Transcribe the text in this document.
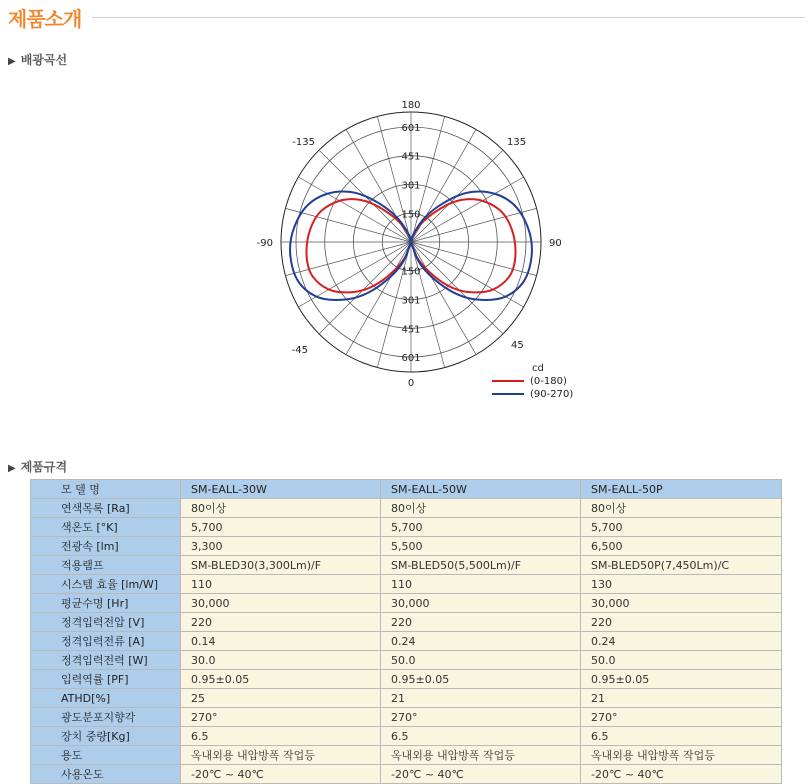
제품소개
▶ 배광곡선
180
0
-90	90
-135	135
-45	45
150
150
301
301
451
451
601
601
cd
(0-180)
(90-270)
▶ 제품규격
모 델 명	SM-EALL-30W	SM-EALL-50W	SM-EALL-50P
연색목록 [Ra]	80이상	80이상	80이상
색온도 [°K]	5,700	5,700	5,700
전광속 [lm]	3,300	5,500	6,500
적용램프	SM-BLED30(3,300Lm)/F	SM-BLED50(5,500Lm)/F	SM-BLED50P(7,450Lm)/C
시스템 효율 [lm/W]	110	110	130
평균수명 [Hr]	30,000	30,000	30,000
정격입력전압 [V]	220	220	220
정격입력전류 [A]	0.14	0.24	0.24
정격입력전력 [W]	30.0	50.0	50.0
입력역률 [PF]	0.95±0.05	0.95±0.05	0.95±0.05
ATHD[%]	25	21	21
광도분포지향각	270°	270°	270°
장치 중량[Kg]	6.5	6.5	6.5
용도	옥내외용 내압방폭 작업등	옥내외용 내압방폭 작업등	옥내외용 내압방폭 작업등
사용온도	-20℃ ~ 40℃	-20℃ ~ 40℃	-20℃ ~ 40℃
